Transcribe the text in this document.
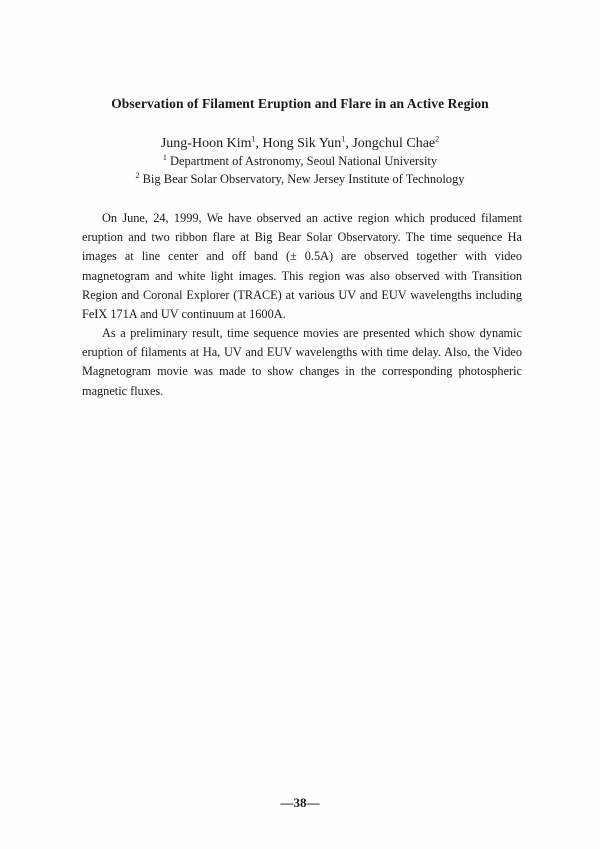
Observation of Filament Eruption and Flare in an Active Region
Jung-Hoon Kim$^1$, Hong Sik Yun$^1$, Jongchul Chae$^2$
$^1$ Department of Astronomy, Seoul National University
$^2$ Big Bear Solar Observatory, New Jersey Institute of Technology

On June, 24, 1999, We have observed an active region which produced filament eruption and two ribbon flare at Big Bear Solar Observatory. The time sequence Ha images at line center and off band (± 0.5A) are observed together with video magnetogram and white light images. This region was also observed with Transition Region and Coronal Explorer (TRACE) at various UV and EUV wavelengths including FeIX 171A and UV continuum at 1600A.

As a preliminary result, time sequence movies are presented which show dynamic eruption of filaments at Ha, UV and EUV wavelengths with time delay. Also, the Video Magnetogram movie was made to show changes in the corresponding photospheric magnetic fluxes.

—38—
